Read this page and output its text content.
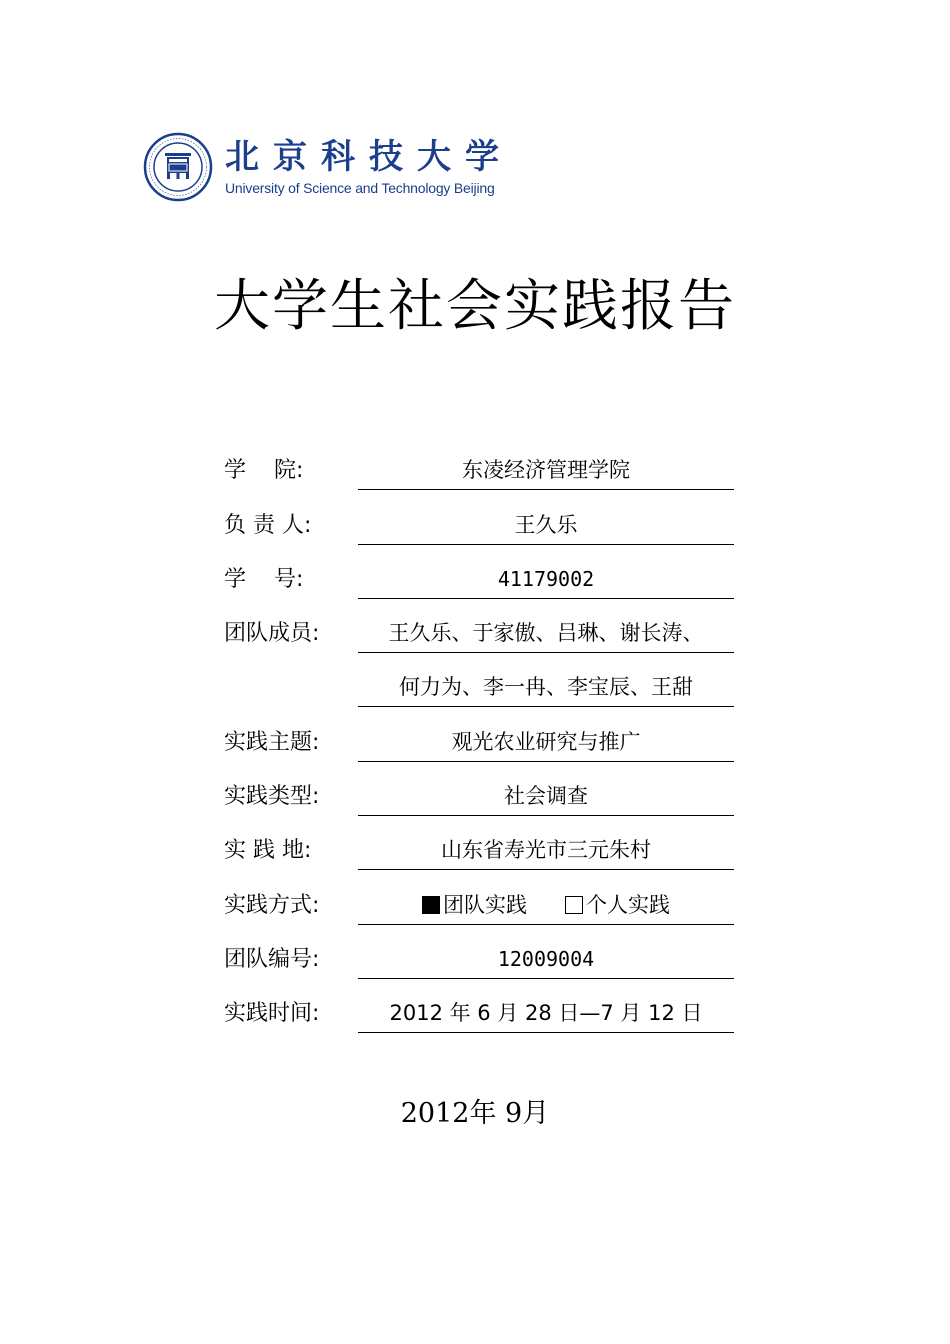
北京科技大学
University of Science and Technology Beijing
大学生社会实践报告
学    院:	东凌经济管理学院
负 责 人:	王久乐
学    号:	41179002
团队成员:	王久乐、于家傲、吕琳、谢长涛、
何力为、李一冉、李宝辰、王甜
实践主题:	观光农业研究与推广
实践类型:	社会调查
实 践 地:	山东省寿光市三元朱村
实践方式:	团队实践	个人实践
团队编号:	12009004
实践时间:	2012 年 6 月 28 日—7 月 12 日
2012年 9月
